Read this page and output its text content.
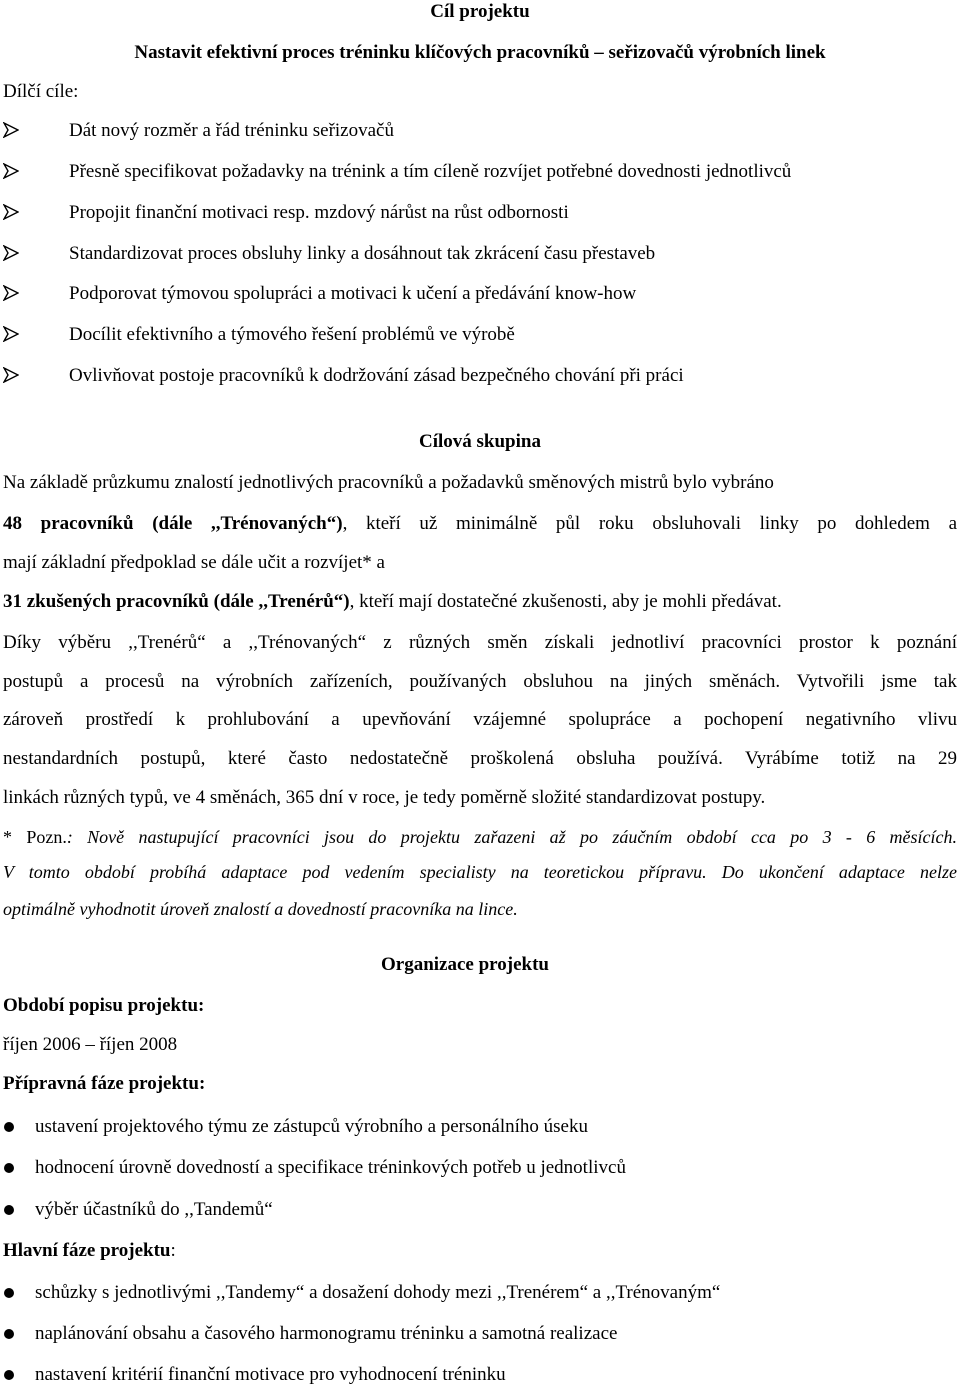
Cíl projektu
Nastavit efektivní proces tréninku klíčových pracovníků – seřizovačů výrobních linek
Dílčí cíle:
Dát nový rozměr a řád tréninku seřizovačů
Přesně specifikovat požadavky na trénink a tím cíleně rozvíjet potřebné dovednosti jednotlivců
Propojit finanční motivaci resp. mzdový nárůst na růst odbornosti
Standardizovat proces obsluhy linky a dosáhnout tak zkrácení času přestaveb
Podporovat týmovou spolupráci a motivaci k učení a předávání know-how
Docílit efektivního a týmového řešení problémů ve výrobě
Ovlivňovat postoje pracovníků k dodržování zásad bezpečného chování při práci
Cílová skupina
Na základě průzkumu znalostí jednotlivých pracovníků a požadavků směnových mistrů bylo vybráno
48 pracovníků (dále ,,Trénovaných“), kteří už minimálně půl roku obsluhovali linky po dohledem a
mají základní předpoklad se dále učit a rozvíjet* a
31 zkušených pracovníků (dále ,,Trenérů“), kteří mají dostatečné zkušenosti, aby je mohli předávat.
Díky výběru ,,Trenérů“ a ,,Trénovaných“ z různých směn získali jednotliví pracovníci prostor k poznání
postupů a procesů na výrobních zařízeních, používaných obsluhou na jiných směnách. Vytvořili jsme tak
zároveň prostředí k prohlubování a upevňování vzájemné spolupráce a pochopení negativního vlivu
nestandardních postupů, které často nedostatečně proškolená obsluha používá. Vyrábíme totiž na 29
linkách různých typů, ve 4 směnách, 365 dní v roce, je tedy poměrně složité standardizovat postupy.
* Pozn.: Nově nastupující pracovníci jsou do projektu zařazeni až po záučním období cca po 3 - 6 měsících.
V tomto období probíhá adaptace pod vedením specialisty na teoretickou přípravu. Do ukončení adaptace nelze
optimálně vyhodnotit úroveň znalostí a dovedností pracovníka na lince.
Organizace projektu
Období popisu projektu:
říjen 2006 – říjen 2008
Přípravná fáze projektu:
ustavení projektového týmu ze zástupců výrobního a personálního úseku
hodnocení úrovně dovedností a specifikace tréninkových potřeb u jednotlivců
výběr účastníků do ,,Tandemů“
Hlavní fáze projektu:
schůzky s jednotlivými ,,Tandemy“ a dosažení dohody mezi ,,Trenérem“ a ,,Trénovaným“
naplánování obsahu a časového harmonogramu tréninku a samotná realizace
nastavení kritérií finanční motivace pro vyhodnocení tréninku
